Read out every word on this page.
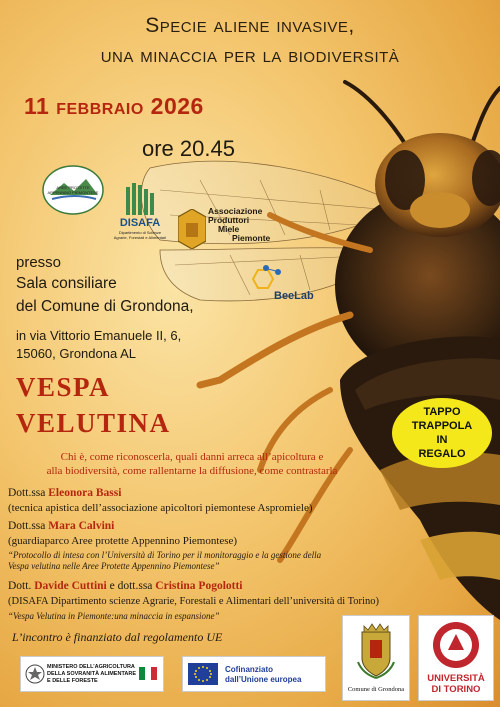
Specie aliene invasive,
una minaccia per la biodiversità
11 febbraio 2026
ore 20.45
AREE PROTETTE APPENNINO PIEMONTESE
DISAFA
Dipartimento di Scienze Agrarie, Forestali e Alimentari
Associazione
Produttori
Miele
Piemonte
BeeLab
presso
Sala consiliare
del Comune di Grondona,
in via Vittorio Emanuele II, 6,
15060, Grondona AL
VESPA
VELUTINA	TAPPO
TRAPPOLA
IN
REGALO
Chi è, come riconoscerla, quali danni arreca all’apicoltura e
alla biodiversità, come rallentarne la diffusione, come contrastarla
Dott.ssa Eleonora Bassi
(tecnica apistica dell’associazione apicoltori piemontese Aspromiele)
Dott.ssa Mara Calvini
(guardiaparco Aree protette Appennino Piemontese)
“Protocollo di intesa con l’Università di Torino per il monitoraggio e la gestione della
Vespa velutina nelle Aree Protette Appennino Piemontese”
Dott. Davide Cuttini e dott.ssa Cristina Pogolotti
(DISAFA Dipartimento scienze Agrarie, Forestali e Alimentari dell’università di Torino)
“Vespa Velutina in Piemonte:una minaccia in espansione”
L’incontro è finanziato dal regolamento UE
MINISTERO DELL’AGRICOLTURA
DELLA SOVRANITÀ ALIMENTARE
E DELLE FORESTE
Cofinanziato
dall’Unione europea
Comune di Grondona
UNIVERSITÀ
DI TORINO
